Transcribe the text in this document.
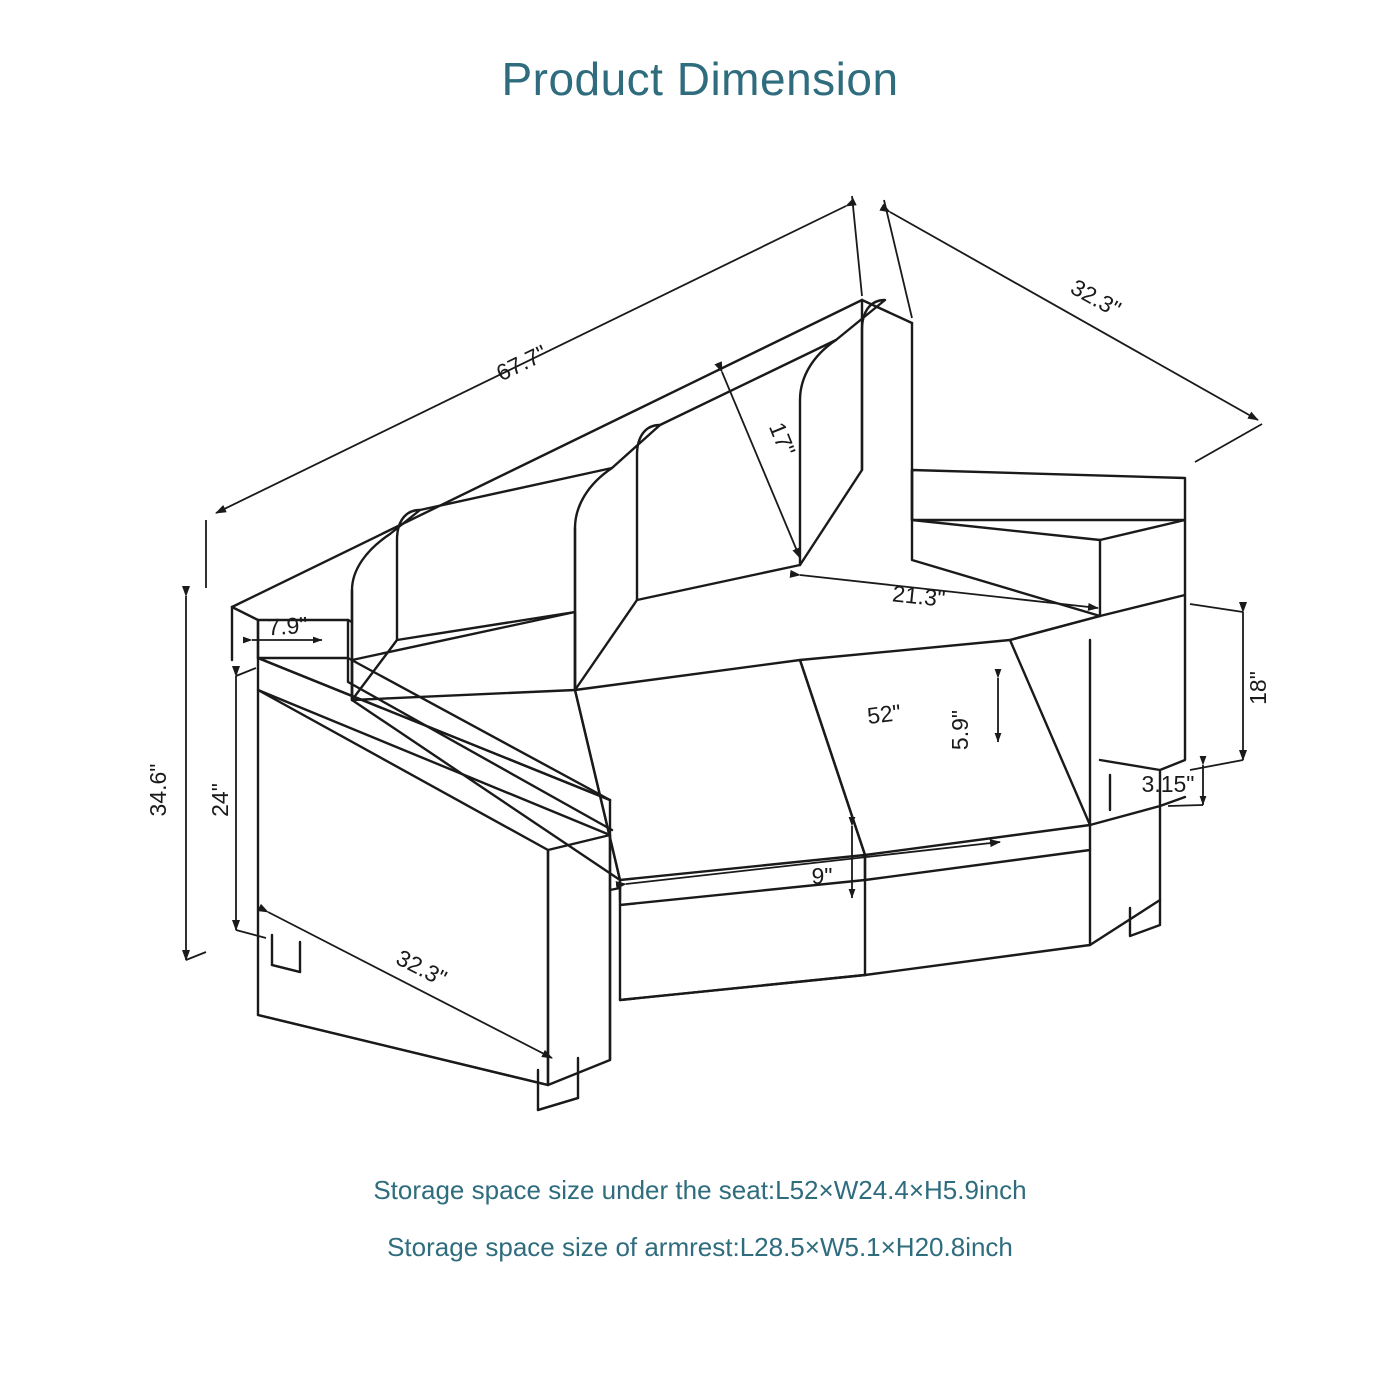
Product Dimension
67.7"
32.3"
17"
21.3"
7.9"
34.6" 24"
18"
3.15"
5.9"
52"
9"
32.3"
Storage space size under the seat:L52×W24.4×H5.9inch
Storage space size of armrest:L28.5×W5.1×H20.8inch
